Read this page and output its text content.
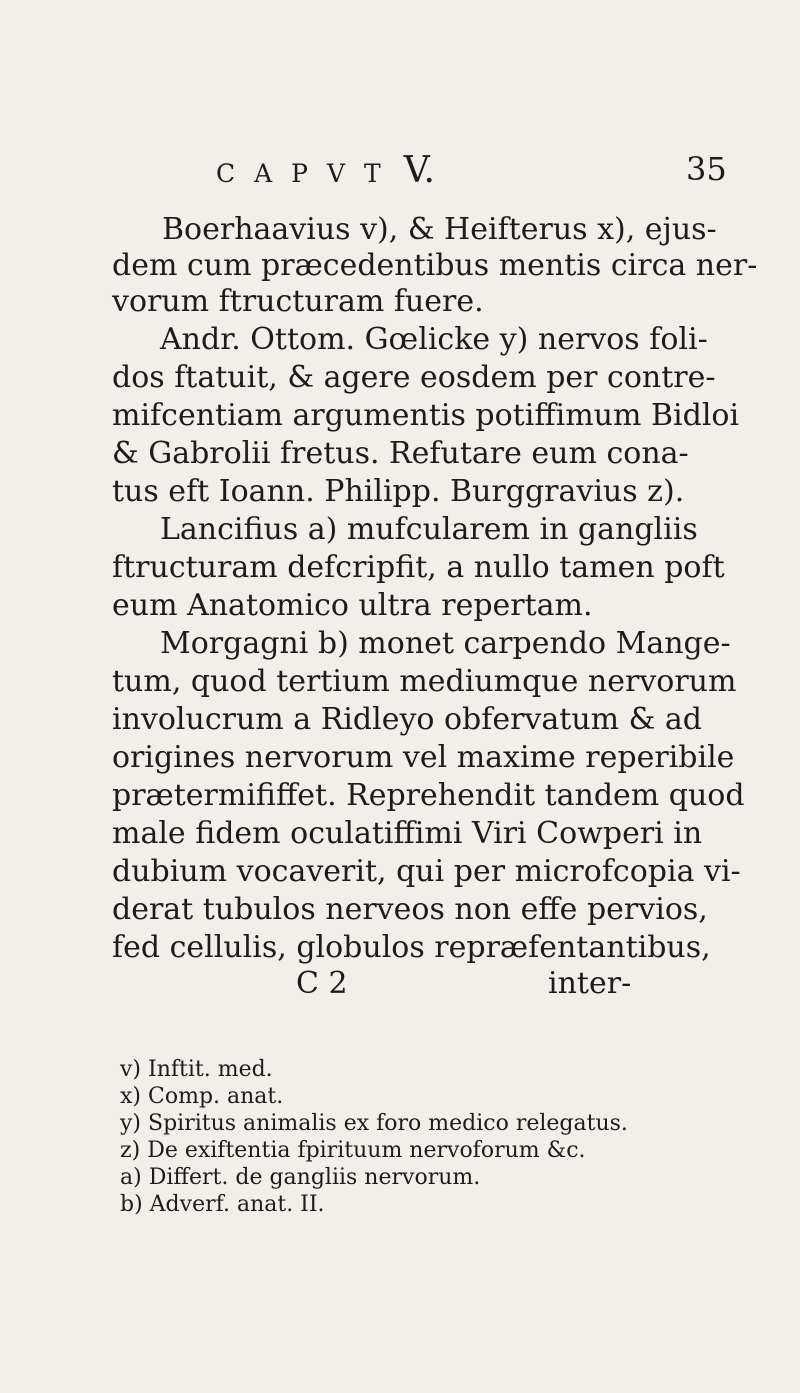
CAPVT V.	35
Boerhaavius v), & Heifterus x), ejus-
dem cum præcedentibus mentis circa ner-
vorum ftructuram fuere.
Andr. Ottom. Gœlicke y) nervos foli-
dos ftatuit, & agere eosdem per contre-
mifcentiam argumentis potiffimum Bidloi
& Gabrolii fretus. Refutare eum cona-
tus eft Ioann. Philipp. Burggravius z).
Lancifius a) mufcularem in gangliis
ftructuram defcripfit, a nullo tamen poft
eum Anatomico ultra repertam.
Morgagni b) monet carpendo Mange-
tum, quod tertium mediumque nervorum
involucrum a Ridleyo obfervatum & ad
origines nervorum vel maxime reperibile
prætermififfet. Reprehendit tandem quod
male fidem oculatiffimi Viri Cowperi in
dubium vocaverit, qui per microfcopia vi-
derat tubulos nerveos non effe pervios,
fed cellulis, globulos repræfentantibus,
C 2	inter-
v) Inftit. med.
x) Comp. anat.
y) Spiritus animalis ex foro medico relegatus.
z) De exiftentia fpirituum nervoforum &c.
a) Differt. de gangliis nervorum.
b) Adverf. anat. II.
